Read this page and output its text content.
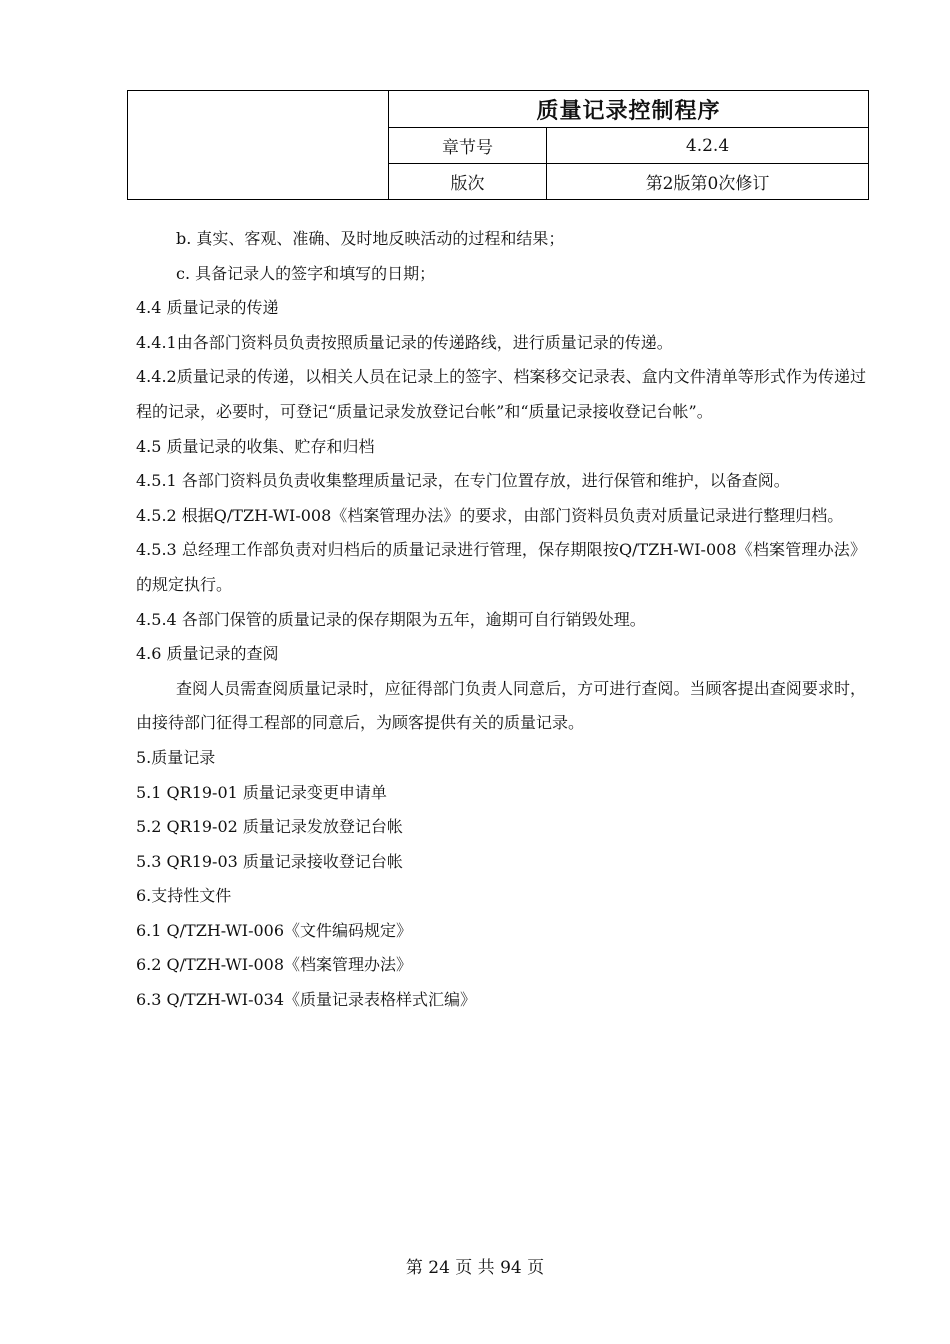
	质量记录控制程序	
	章节号	4.2.4
	版次	第2版第0次修订

b. 真实、客观、准确、及时地反映活动的过程和结果；

c. 具备记录人的签字和填写的日期；

4.4 质量记录的传递

4.4.1由各部门资料员负责按照质量记录的传递路线，进行质量记录的传递。

4.4.2质量记录的传递，以相关人员在记录上的签字、档案移交记录表、盒内文件清单等形式作为传递过程的记录，必要时，可登记“质量记录发放登记台帐”和“质量记录接收登记台帐”。

4.5 质量记录的收集、贮存和归档

4.5.1 各部门资料员负责收集整理质量记录，在专门位置存放，进行保管和维护，以备查阅。

4.5.2 根据Q/TZH-WI-008《档案管理办法》的要求，由部门资料员负责对质量记录进行整理归档。

4.5.3 总经理工作部负责对归档后的质量记录进行管理，保存期限按Q/TZH-WI-008《档案管理办法》的规定执行。

4.5.4 各部门保管的质量记录的保存期限为五年，逾期可自行销毁处理。

4.6 质量记录的查阅

查阅人员需查阅质量记录时，应征得部门负责人同意后，方可进行查阅。当顾客提出查阅要求时，由接待部门征得工程部的同意后，为顾客提供有关的质量记录。

5.质量记录

5.1 QR19-01 质量记录变更申请单

5.2 QR19-02 质量记录发放登记台帐

5.3 QR19-03 质量记录接收登记台帐

6.支持性文件

6.1 Q/TZH-WI-006《文件编码规定》

6.2 Q/TZH-WI-008《档案管理办法》

6.3 Q/TZH-WI-034《质量记录表格样式汇编》

第 24 页 共 94 页
